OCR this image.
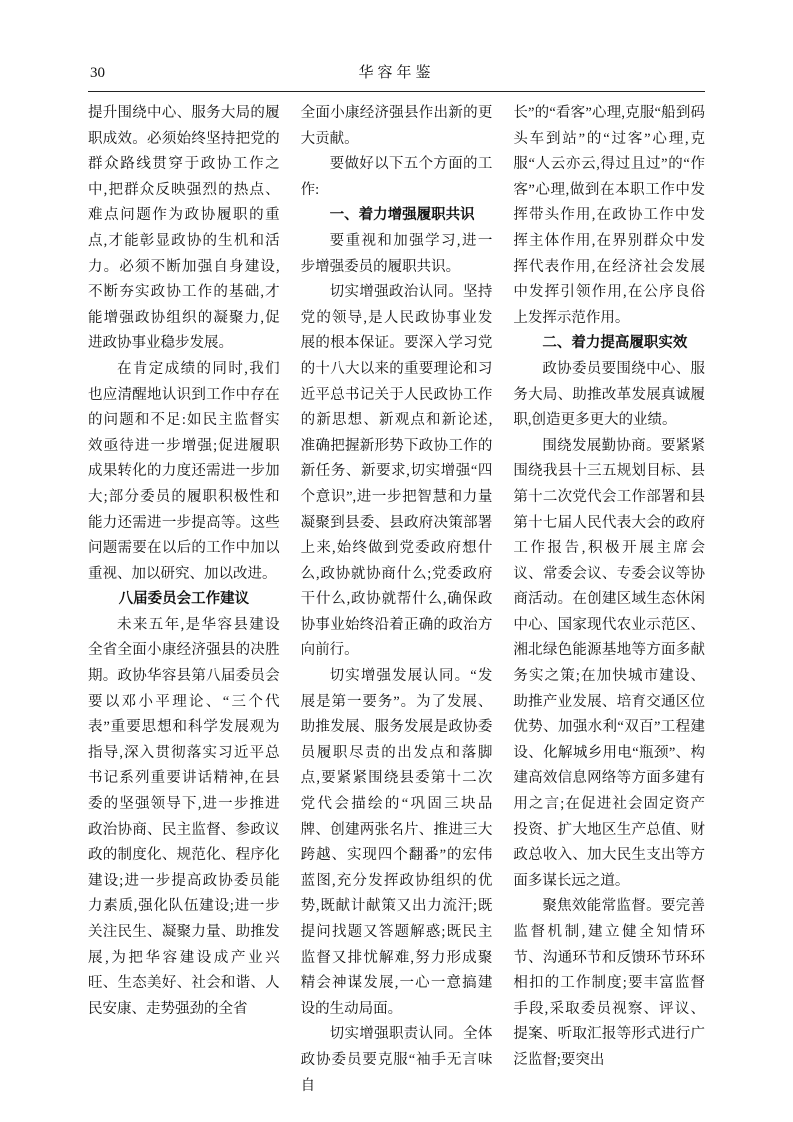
30	华容年鉴

提升围绕中心、服务大局的履职成效。必须始终坚持把党的群众路线贯穿于政协工作之中,把群众反映强烈的热点、难点问题作为政协履职的重点,才能彰显政协的生机和活力。必须不断加强自身建设,不断夯实政协工作的基础,才能增强政协组织的凝聚力,促进政协事业稳步发展。

在肯定成绩的同时,我们也应清醒地认识到工作中存在的问题和不足:如民主监督实效亟待进一步增强;促进履职成果转化的力度还需进一步加大;部分委员的履职积极性和能力还需进一步提高等。这些问题需要在以后的工作中加以重视、加以研究、加以改进。

八届委员会工作建议

未来五年,是华容县建设全省全面小康经济强县的决胜期。政协华容县第八届委员会要以邓小平理论、“三个代表”重要思想和科学发展观为指导,深入贯彻落实习近平总书记系列重要讲话精神,在县委的坚强领导下,进一步推进政治协商、民主监督、参政议政的制度化、规范化、程序化建设;进一步提高政协委员能力素质,强化队伍建设;进一步关注民生、凝聚力量、助推发展,为把华容建设成产业兴旺、生态美好、社会和谐、人民安康、走势强劲的全省

全面小康经济强县作出新的更大贡献。

要做好以下五个方面的工作:

一、着力增强履职共识

要重视和加强学习,进一步增强委员的履职共识。

切实增强政治认同。坚持党的领导,是人民政协事业发展的根本保证。要深入学习党的十八大以来的重要理论和习近平总书记关于人民政协工作的新思想、新观点和新论述,准确把握新形势下政协工作的新任务、新要求,切实增强“四个意识”,进一步把智慧和力量凝聚到县委、县政府决策部署上来,始终做到党委政府想什么,政协就协商什么;党委政府干什么,政协就帮什么,确保政协事业始终沿着正确的政治方向前行。

切实增强发展认同。“发展是第一要务”。为了发展、助推发展、服务发展是政协委员履职尽责的出发点和落脚点,要紧紧围绕县委第十二次党代会描绘的“巩固三块品牌、创建两张名片、推进三大跨越、实现四个翻番”的宏伟蓝图,充分发挥政协组织的优势,既献计献策又出力流汗;既提问找题又答题解惑;既民主监督又排忧解难,努力形成聚精会神谋发展,一心一意搞建设的生动局面。

切实增强职责认同。全体政协委员要克服“袖手无言味自

长”的“看客”心理,克服“船到码头车到站”的“过客”心理,克服“人云亦云,得过且过”的“作客”心理,做到在本职工作中发挥带头作用,在政协工作中发挥主体作用,在界别群众中发挥代表作用,在经济社会发展中发挥引领作用,在公序良俗上发挥示范作用。

二、着力提高履职实效

政协委员要围绕中心、服务大局、助推改革发展真诚履职,创造更多更大的业绩。

围绕发展勤协商。要紧紧围绕我县十三五规划目标、县第十二次党代会工作部署和县第十七届人民代表大会的政府工作报告,积极开展主席会议、常委会议、专委会议等协商活动。在创建区域生态休闲中心、国家现代农业示范区、湘北绿色能源基地等方面多献务实之策;在加快城市建设、助推产业发展、培育交通区位优势、加强水利“双百”工程建设、化解城乡用电“瓶颈”、构建高效信息网络等方面多建有用之言;在促进社会固定资产投资、扩大地区生产总值、财政总收入、加大民生支出等方面多谋长远之道。

聚焦效能常监督。要完善监督机制,建立健全知情环节、沟通环节和反馈环节环环相扣的工作制度;要丰富监督手段,采取委员视察、评议、提案、听取汇报等形式进行广泛监督;要突出
